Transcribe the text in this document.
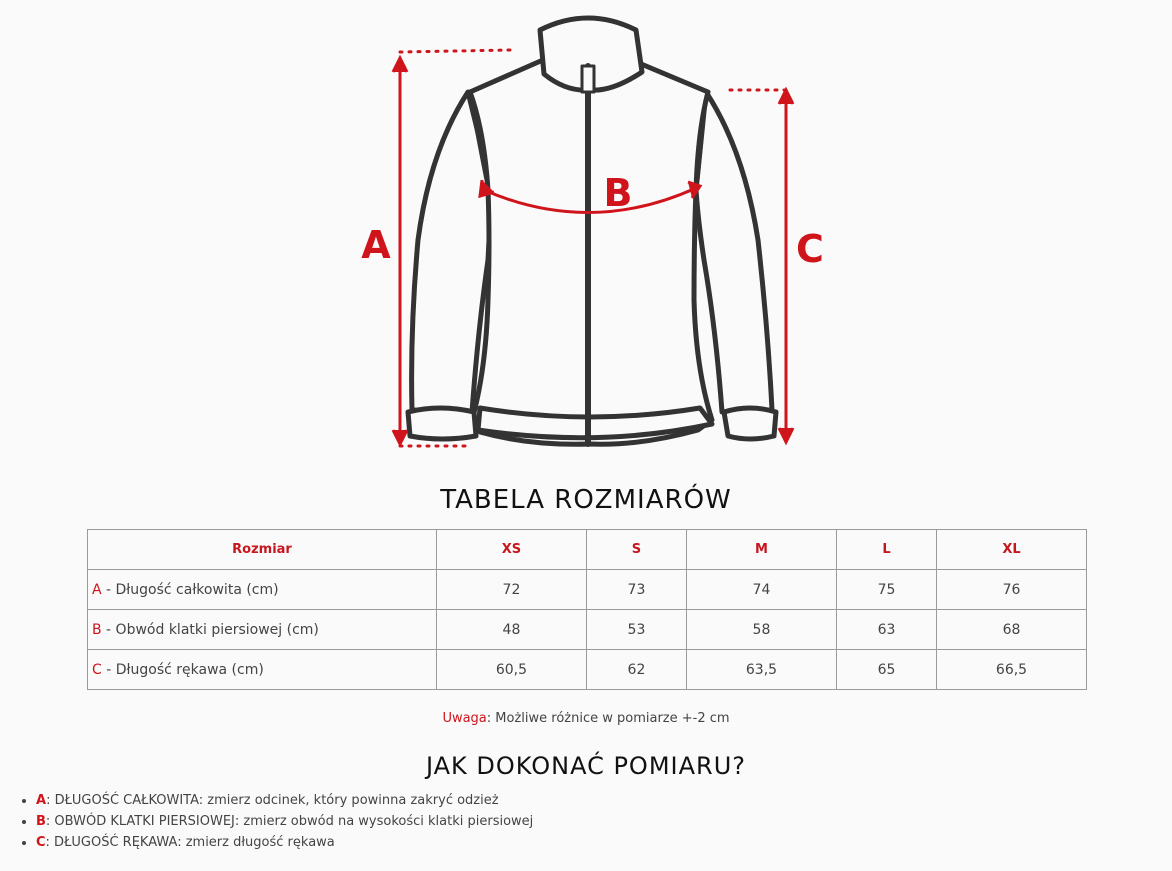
A
B
C
TABELA ROZMIARÓW
Rozmiar	XS	S	M	L	XL
A - Długość całkowita (cm)	72	73	74	75	76
B - Obwód klatki piersiowej (cm)	48	53	58	63	68
C - Długość rękawa (cm)	60,5	62	63,5	65	66,5
Uwaga: Możliwe różnice w pomiarze +-2 cm
JAK DOKONAĆ POMIARU?
• A: DŁUGOŚĆ CAŁKOWITA: zmierz odcinek, który powinna zakryć odzież
• B: OBWÓD KLATKI PIERSIOWEJ: zmierz obwód na wysokości klatki piersiowej
• C: DŁUGOŚĆ RĘKAWA: zmierz długość rękawa
